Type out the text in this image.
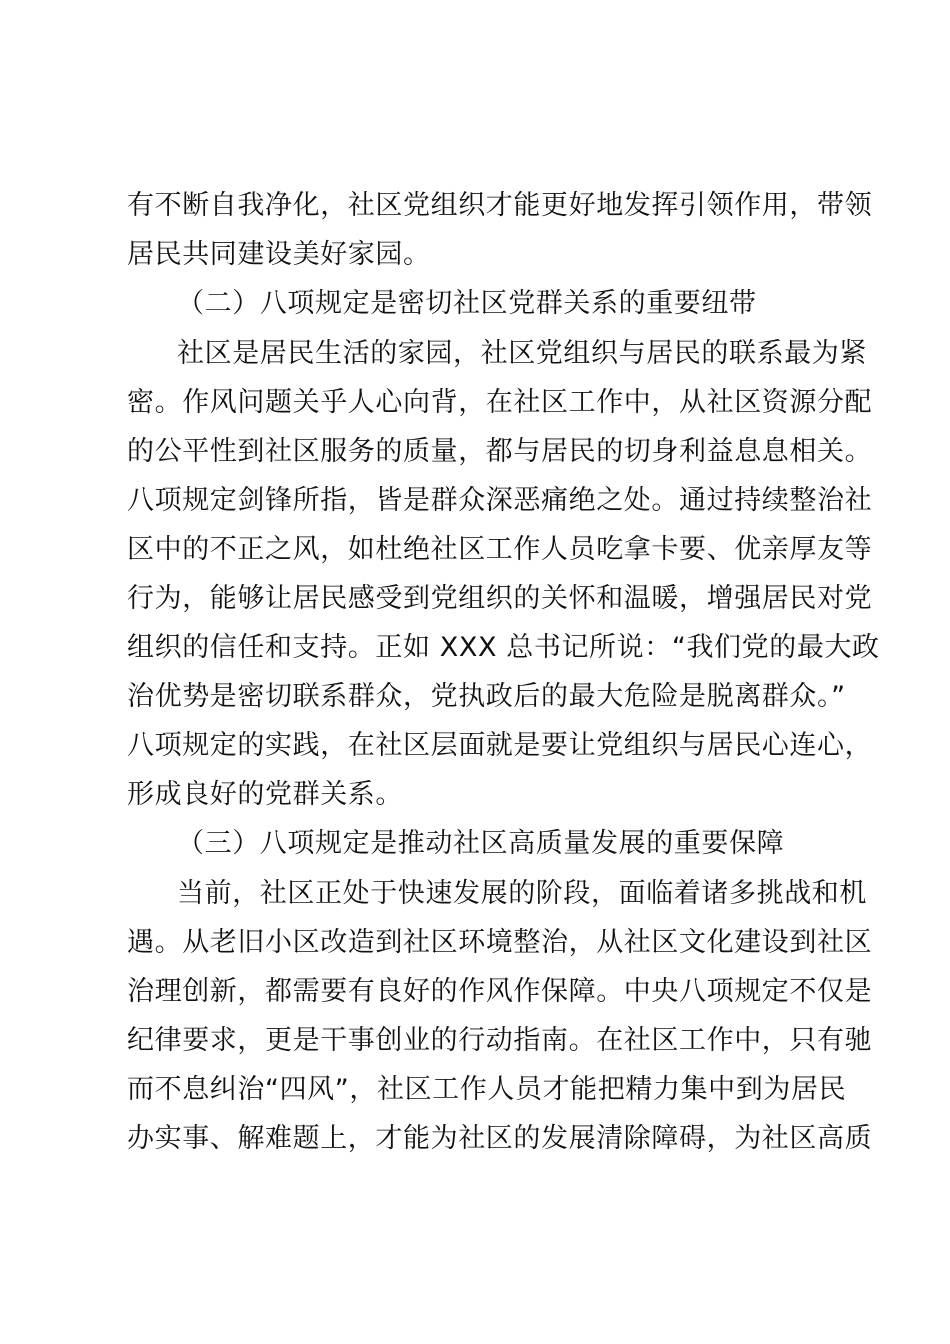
有不断自我净化，社区党组织才能更好地发挥引领作用，带领
居民共同建设美好家园。
（二）八项规定是密切社区党群关系的重要纽带
社区是居民生活的家园，社区党组织与居民的联系最为紧
密。作风问题关乎人心向背，在社区工作中，从社区资源分配
的公平性到社区服务的质量，都与居民的切身利益息息相关。
八项规定剑锋所指，皆是群众深恶痛绝之处。通过持续整治社
区中的不正之风，如杜绝社区工作人员吃拿卡要、优亲厚友等
行为，能够让居民感受到党组织的关怀和温暖，增强居民对党
组织的信任和支持。正如 XXX 总书记所说：“我们党的最大政
治优势是密切联系群众，党执政后的最大危险是脱离群众。”
八项规定的实践，在社区层面就是要让党组织与居民心连心，
形成良好的党群关系。
（三）八项规定是推动社区高质量发展的重要保障
当前，社区正处于快速发展的阶段，面临着诸多挑战和机
遇。从老旧小区改造到社区环境整治，从社区文化建设到社区
治理创新，都需要有良好的作风作保障。中央八项规定不仅是
纪律要求，更是干事创业的行动指南。在社区工作中，只有驰
而不息纠治“四风”，社区工作人员才能把精力集中到为居民
办实事、解难题上，才能为社区的发展清除障碍，为社区高质
